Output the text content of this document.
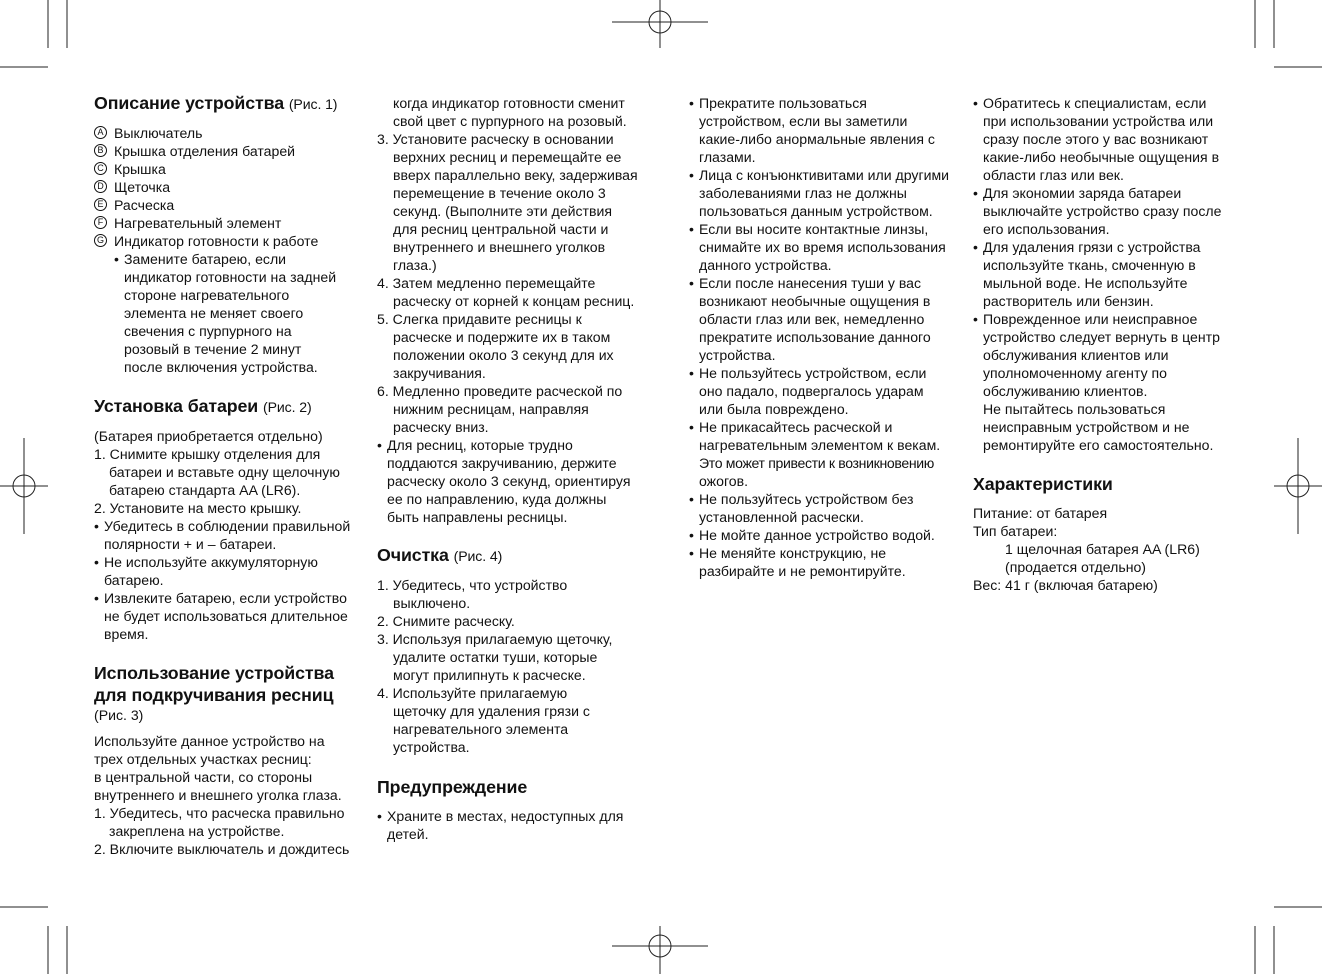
Описание устройства (Рис. 1)
A Выключатель
B Крышка отделения батарей
C Крышка
D Щеточка
E Расческа
F Нагревательный элемент
G Индикатор готовности к работе
• Замените батарею, если
индикатор готовности на задней
стороне нагревательного
элемента не меняет своего
свечения с пурпурного на
розовый в течение 2 минут
после включения устройства.
Установка батареи (Рис. 2)

(Батарея приобретается отдельно)

1. Снимите крышку отделения для
батареи и вставьте одну щелочную
батарею стандарта AA (LR6).

2. Установите на место крышку.

• Убедитесь в соблюдении правильной
полярности + и – батареи.
• Не используйте аккумуляторную
батарею.
• Извлеките батарею, если устройство
не будет использоваться длительное
время.
Использование устройства
для подкручивания ресниц

(Рис. 3)

Используйте данное устройство на
трех отдельных участках ресниц:
в центральной части, со стороны
внутреннего и внешнего уголка глаза.
1. Убедитесь, что расческа правильно
закреплена на устройстве.

2. Включите выключатель и дождитесь

когда индикатор готовности сменит
свой цвет с пурпурного на розовый.
3. Установите расческу в основании
верхних ресниц и перемещайте ее
вверх параллельно веку, задерживая
перемещение в течение около 3
секунд. (Выполните эти действия
для ресниц центральной части и
внутреннего и внешнего уголков
глаза.)
4. Затем медленно перемещайте
расческу от корней к концам ресниц.
5. Слегка придавите ресницы к
расческе и подержите их в таком
положении около 3 секунд для их
закручивания.
6. Медленно проведите расческой по
нижним ресницам, направляя
расческу вниз.
• Для ресниц, которые трудно
поддаются закручиванию, держите
расческу около 3 секунд, ориентируя
ее по направлению, куда должны
быть направлены ресницы.
Очистка (Рис. 4)
1. Убедитесь, что устройство
выключено.

2. Снимите расческу.

3. Используя прилагаемую щеточку,
удалите остатки туши, которые
могут прилипнуть к расческе.
4. Используйте прилагаемую
щеточку для удаления грязи с
нагревательного элемента
устройства.
Предупреждение
• Храните в местах, недоступных для
детей.
• Прекратите пользоваться
устройством, если вы заметили
какие-либо анормальные явления с
глазами.
• Лица с конъюнктивитами или другими
заболеваниями глаз не должны
пользоваться данным устройством.
• Если вы носите контактные линзы,
снимайте их во время использования
данного устройства.
• Если после нанесения туши у вас
возникают необычные ощущения в
области глаз или век, немедленно
прекратите использование данного
устройства.
• Не пользуйтесь устройством, если
оно падало, подвергалось ударам
или была повреждено.
• Не прикасайтесь расческой и
нагревательным элементом к векам.
Это может привести к возникновению
ожогов.
• Не пользуйтесь устройством без
установленной расчески.
• Не мойте данное устройство водой.
• Не меняйте конструкцию, не
разбирайте и не ремонтируйте.
• Обратитесь к специалистам, если
при использовании устройства или
сразу после этого у вас возникают
какие-либо необычные ощущения в
области глаз или век.
• Для экономии заряда батареи
выключайте устройство сразу после
его использования.
• Для удаления грязи с устройства
используйте ткань, смоченную в
мыльной воде. Не используйте
растворитель или бензин.
• Поврежденное или неисправное
устройство следует вернуть в центр
обслуживания клиентов или
уполномоченному агенту по
обслуживанию клиентов.
Не пытайтесь пользоваться
неисправным устройством и не
ремонтируйте его самостоятельно.
Характеристики

Питание: от батарея

Тип батареи:

1 щелочная батарея AA (LR6)

(продается отдельно)

Вес: 41 г (включая батарею)
